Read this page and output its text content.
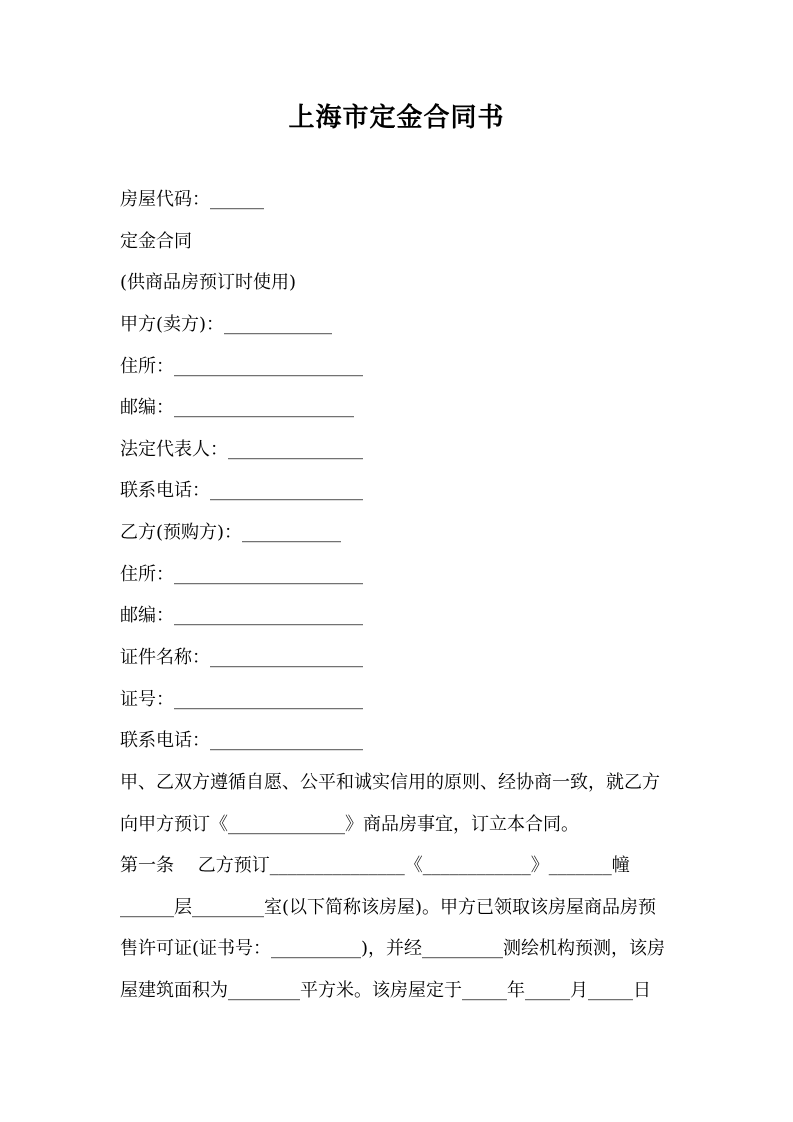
上海市定金合同书
房屋代码：______
定金合同
(供商品房预订时使用)
甲方(卖方)：____________
住所：_____________________
邮编：____________________
法定代表人：_______________
联系电话：_________________
乙方(预购方)：___________
住所：_____________________
邮编：_____________________
证件名称：_________________
证号：_____________________
联系电话：_________________
甲、乙双方遵循自愿、公平和诚实信用的原则、经协商一致，就乙方
向甲方预订《_____________》商品房事宜，订立本合同。
第一条　 乙方预订_______________《____________》_______幢
______层________室(以下简称该房屋)。甲方已领取该房屋商品房预
售许可证(证书号：__________)，并经_________测绘机构预测，该房
屋建筑面积为________平方米。该房屋定于_____年_____月_____日
